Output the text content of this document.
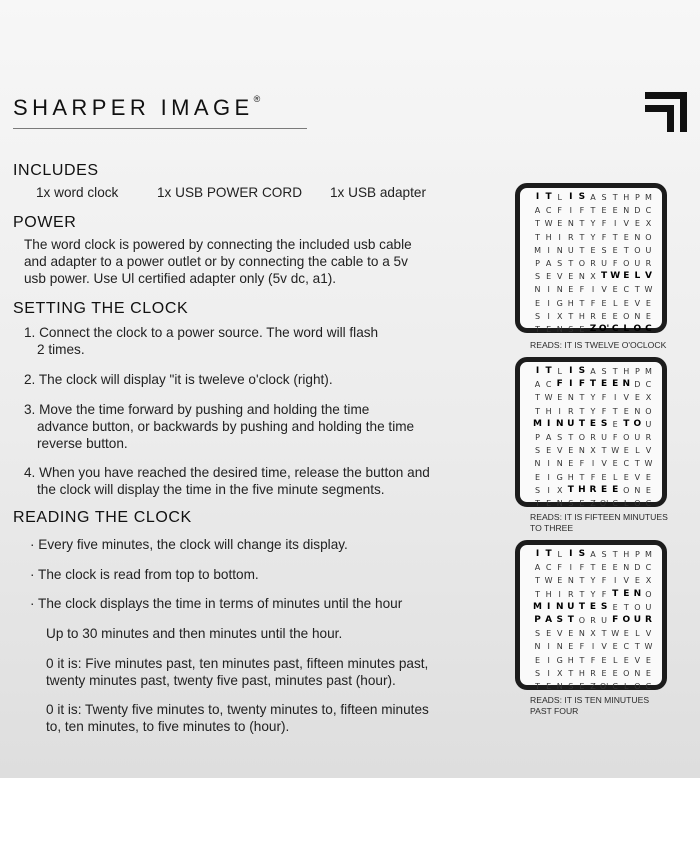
SHARPER IMAGE®
INCLUDES
1x word clock	1x USB POWER CORD 1x USB adapter
POWER
The word clock is powered by connecting the included usb cable
and adapter to a power outlet or by connecting the cable to a 5v
usb power. Use Ul certified adapter only (5v dc, a1).
SETTING THE CLOCK
1. Connect the clock to a power source. The word will flash
2 times.
2. The clock will display "it is tweleve o'clock (right).
3. Move the time forward by pushing and holding the time
advance button, or backwards by pushing and holding the time
reverse button.
4. When you have reached the desired time, release the button and
the clock will display the time in the five minute segments.
READING THE CLOCK
· Every five minutes, the clock will change its display.
· The clock is read from top to bottom.
· The clock displays the time in terms of minutes until the hour
Up to 30 minutes and then minutes until the hour.
0 it is: Five minutes past, ten minutes past, fifteen minutes past,
twenty minutes past, twenty five past, minutes past (hour).
0 it is: Twenty five minutes to, twenty minutes to, fifteen minutes
to, ten minutes, to five minutes to (hour).
I T L I S A S T H P M
A C F I F T E E N D C
T W E N T Y F I V E X
T H I R T Y F T E N O
M I N U T E S E T O U
P A S T O R U F O U R
S E V E N X T W E L V
N I N E F I V E C T W
E I G H T F E L E V E
S I X T H R E E O N E
T E N S E Z O' C L O C
READS: IT IS TWELVE O'OCLOCK
I T L I S A S T H P M
A C F I F T E E N D C
T W E N T Y F I V E X
T H I R T Y F T E N O
M I N U T E S E T O U
P A S T O R U F O U R
S E V E N X T W E L V
N I N E F I V E C T W
E I G H T F E L E V E
S I X T H R E E O N E
T E N S E Z O' C L O C
READS: IT IS FIFTEEN MINUTUES
TO THREE
I T L I S A S T H P M
A C F I F T E E N D C
T W E N T Y F I V E X
T H I R T Y F T E N O
M I N U T E S E T O U
P A S T O R U F O U R
S E V E N X T W E L V
N I N E F I V E C T W
E I G H T F E L E V E
S I X T H R E E O N E
T E N S E Z O' C L O C
READS: IT IS TEN MINUTUES
PAST FOUR
